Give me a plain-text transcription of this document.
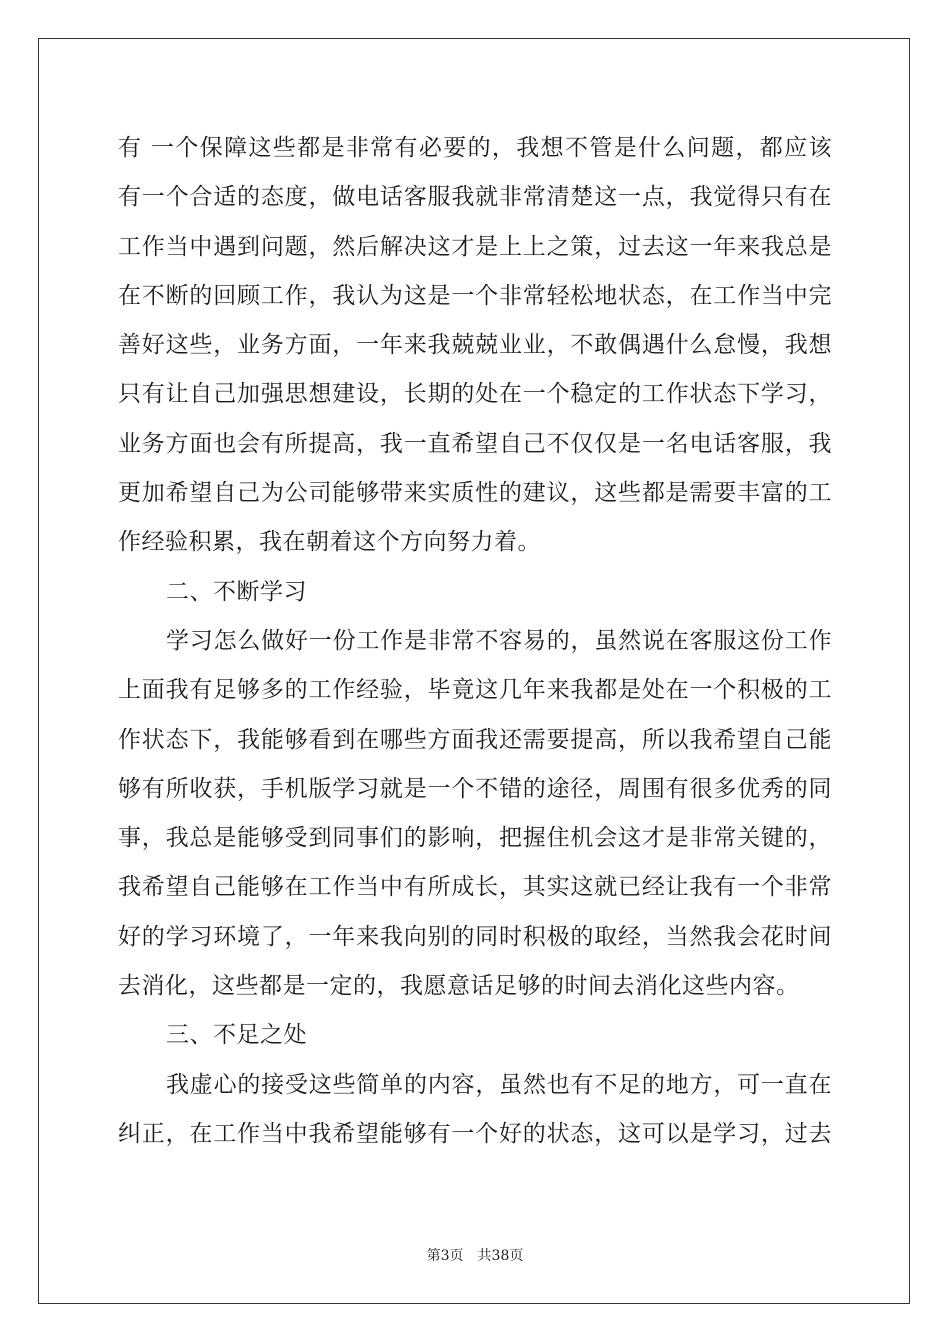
有 一个保障这些都是非常有必要的，我想不管是什么问题，都应该
有一个合适的态度，做电话客服我就非常清楚这一点，我觉得只有在
工作当中遇到问题，然后解决这才是上上之策，过去这一年来我总是
在不断的回顾工作，我认为这是一个非常轻松地状态，在工作当中完
善好这些，业务方面，一年来我兢兢业业，不敢偶遇什么怠慢，我想
只有让自己加强思想建设，长期的处在一个稳定的工作状态下学习，
业务方面也会有所提高，我一直希望自己不仅仅是一名电话客服，我
更加希望自己为公司能够带来实质性的建议，这些都是需要丰富的工
作经验积累，我在朝着这个方向努力着。
二、不断学习
学习怎么做好一份工作是非常不容易的，虽然说在客服这份工作
上面我有足够多的工作经验，毕竟这几年来我都是处在一个积极的工
作状态下，我能够看到在哪些方面我还需要提高，所以我希望自己能
够有所收获，手机版学习就是一个不错的途径，周围有很多优秀的同
事，我总是能够受到同事们的影响，把握住机会这才是非常关键的，
我希望自己能够在工作当中有所成长，其实这就已经让我有一个非常
好的学习环境了，一年来我向别的同时积极的取经，当然我会花时间
去消化，这些都是一定的，我愿意话足够的时间去消化这些内容。
三、不足之处
我虚心的接受这些简单的内容，虽然也有不足的地方，可一直在
纠正，在工作当中我希望能够有一个好的状态，这可以是学习，过去
第3页 共38页
